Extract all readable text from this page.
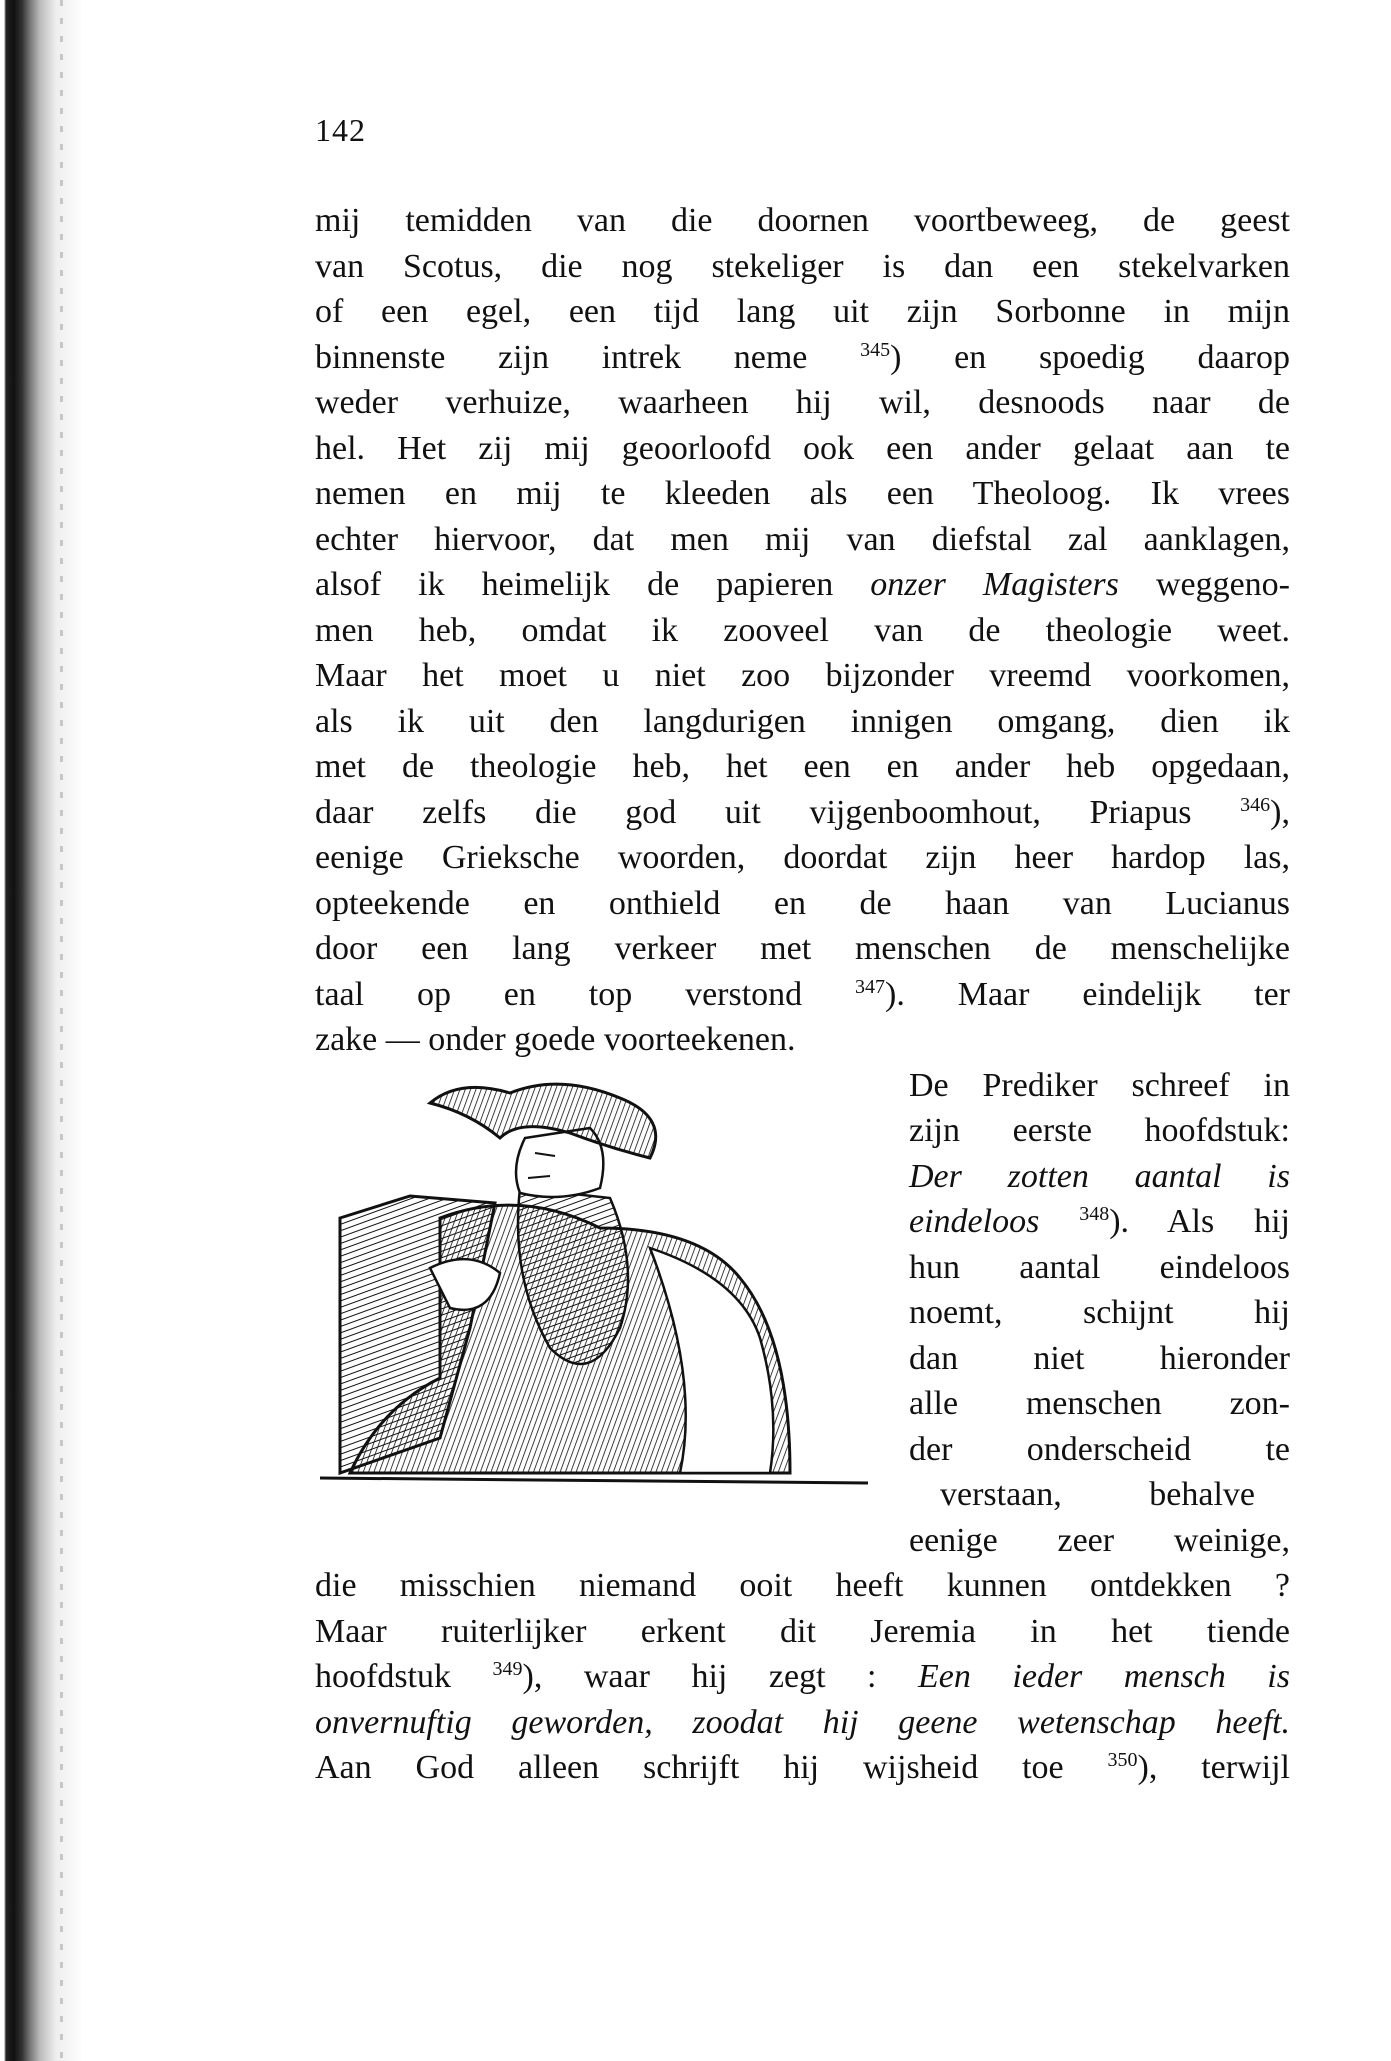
142
mij temidden van die doornen voortbeweeg, de geest
van Scotus, die nog stekeliger is dan een stekelvarken
of een egel, een tijd lang uit zijn Sorbonne in mijn
binnenste zijn intrek neme $^{345}$) en spoedig daarop
weder verhuize, waarheen hij wil, desnoods naar de
hel. Het zij mij geoorloofd ook een ander gelaat aan te
nemen en mij te kleeden als een Theoloog. Ik vrees
echter hiervoor, dat men mij van diefstal zal aanklagen,
alsof ik heimelijk de papieren onzer Magisters weggeno-
men heb, omdat ik zooveel van de theologie weet.
Maar het moet u niet zoo bijzonder vreemd voorkomen,
als ik uit den langdurigen innigen omgang, dien ik
met de theologie heb, het een en ander heb opgedaan,
daar zelfs die god uit vijgenboomhout, Priapus $^{346}$),
eenige Grieksche woorden, doordat zijn heer hardop las,
opteekende en onthield en de haan van Lucianus
door een lang verkeer met menschen de menschelijke
taal op en top verstond $^{347}$). Maar eindelijk ter
zake — onder goede voorteekenen.
De Prediker schreef in
zijn eerste hoofdstuk:
Der zotten aantal is
eindeloos $^{348}$). Als hij
hun aantal eindeloos
noemt, schijnt hij
dan niet hieronder
alle menschen zon-
der onderscheid te
verstaan, behalve
eenige zeer weinige,
die misschien niemand ooit heeft kunnen ontdekken ?
Maar ruiterlijker erkent dit Jeremia in het tiende
hoofdstuk $^{349}$), waar hij zegt : Een ieder mensch is
onvernuftig geworden, zoodat hij geene wetenschap heeft.
Aan God alleen schrijft hij wijsheid toe $^{350}$), terwijl
